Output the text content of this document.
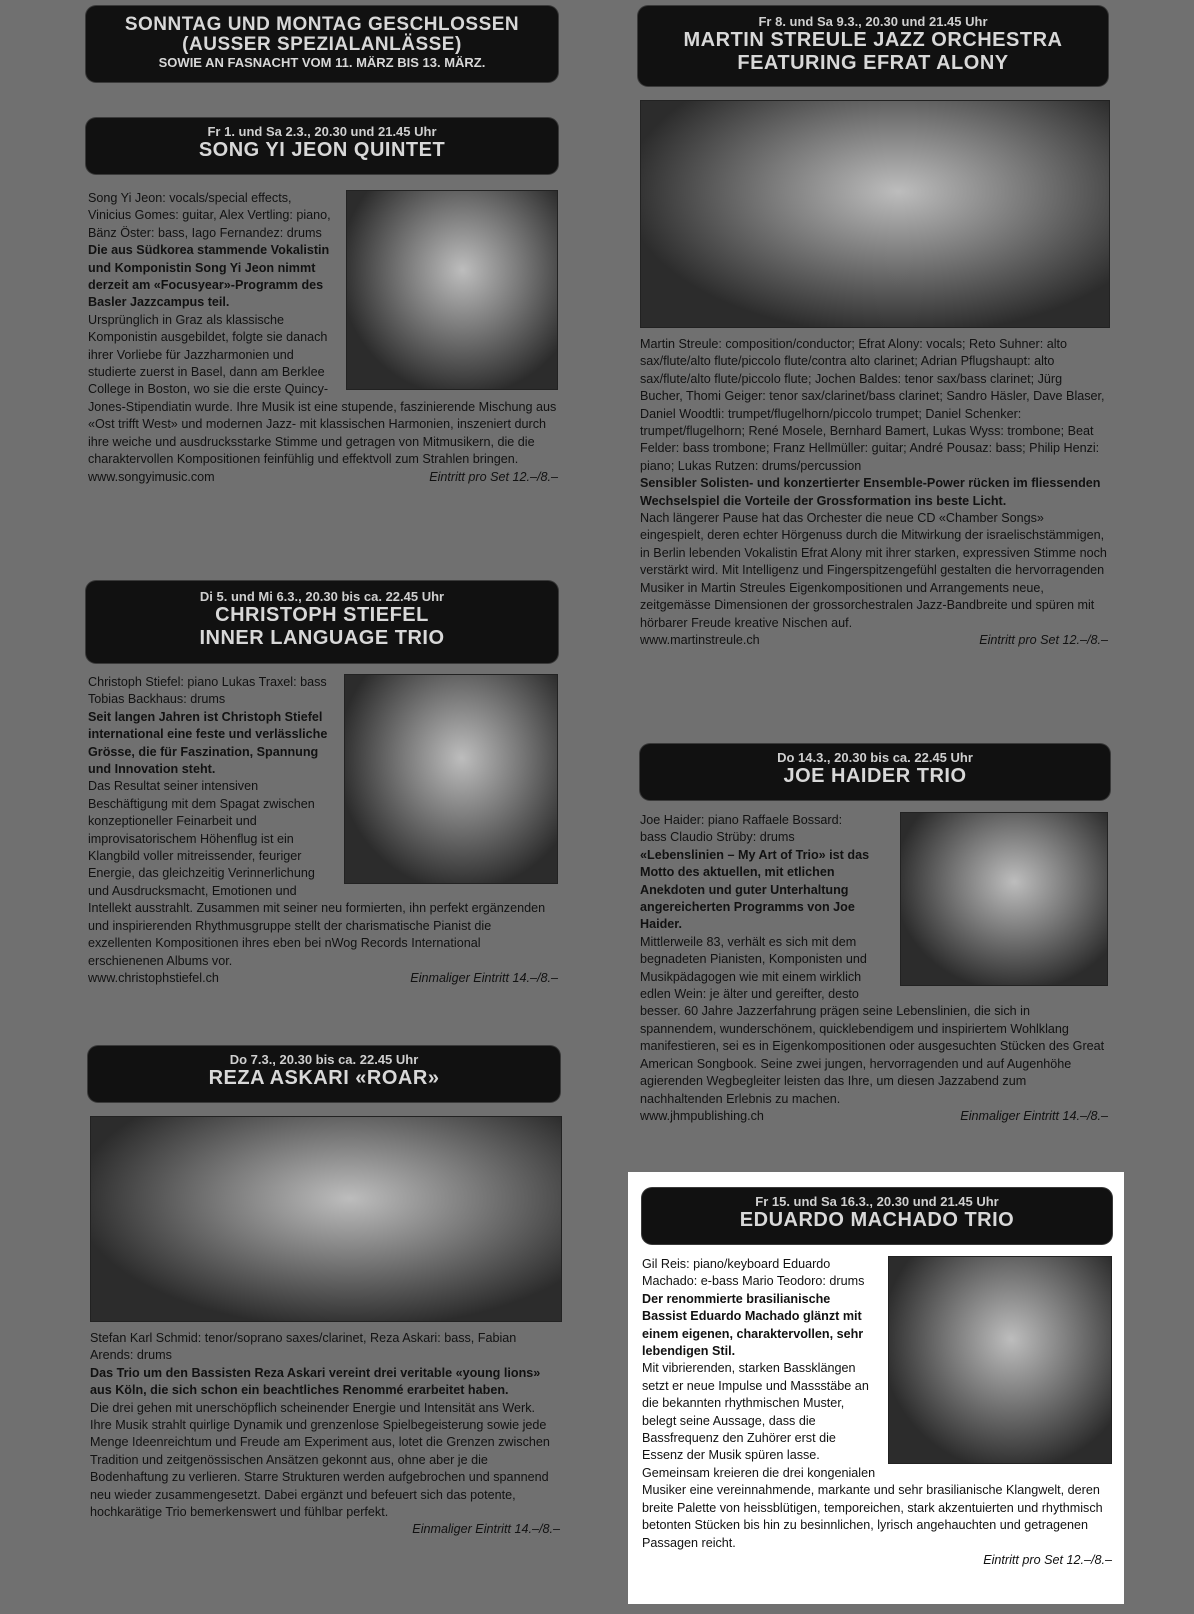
SONNTAG UND MONTAG GESCHLOSSEN
(AUSSER SPEZIALANLÄSSE)
SOWIE AN FASNACHT VOM 11. MÄRZ BIS 13. MÄRZ.
Fr 1. und Sa 2.3., 20.30 und 21.45 Uhr
SONG YI JEON QUINTET

Song Yi Jeon: vocals/special effects, Vinicius Gomes: guitar, Alex Vertling: piano, Bänz Öster: bass, Iago Fernandez: drums

Die aus Südkorea stammende Vokalistin und Komponistin Song Yi Jeon nimmt derzeit am «Focusyear»-Programm des Basler Jazzcampus teil.

Ursprünglich in Graz als klassische Komponistin ausgebildet, folgte sie danach ihrer Vorliebe für Jazzharmonien und studierte zuerst in Basel, dann am Berklee College in Boston, wo sie die erste Quincy-Jones-Stipendiatin wurde. Ihre Musik ist eine stupende, faszinierende Mischung aus «Ost trifft West» und modernen Jazz- mit klassischen Harmonien, inszeniert durch ihre weiche und ausdrucksstarke Stimme und getragen von Mitmusikern, die die charaktervollen Kompositionen feinfühlig und effektvoll zum Strahlen bringen.

www.songyimusic.com	Eintritt pro Set 12.–/8.–
Di 5. und Mi 6.3., 20.30 bis ca. 22.45 Uhr
CHRISTOPH STIEFEL
INNER LANGUAGE TRIO

Christoph Stiefel: piano Lukas Traxel: bass Tobias Backhaus: drums

Seit langen Jahren ist Christoph Stiefel international eine feste und verlässliche Grösse, die für Faszination, Spannung und Innovation steht.

Das Resultat seiner intensiven Beschäftigung mit dem Spagat zwischen konzeptioneller Feinarbeit und improvisatorischem Höhenflug ist ein Klangbild voller mitreissender, feuriger Energie, das gleichzeitig Verinnerlichung und Ausdrucksmacht, Emotionen und Intellekt ausstrahlt. Zusammen mit seiner neu formierten, ihn perfekt ergänzenden und inspirierenden Rhythmusgruppe stellt der charismatische Pianist die exzellenten Kompositionen ihres eben bei nWog Records International erschienenen Albums vor.

www.christophstiefel.ch	Einmaliger Eintritt 14.–/8.–
Do 7.3., 20.30 bis ca. 22.45 Uhr
REZA ASKARI «ROAR»

Stefan Karl Schmid: tenor/soprano saxes/clarinet, Reza Askari: bass, Fabian Arends: drums

Das Trio um den Bassisten Reza Askari vereint drei veritable «young lions» aus Köln, die sich schon ein beachtliches Renommé erarbeitet haben.

Die drei gehen mit unerschöpflich scheinender Energie und Intensität ans Werk. Ihre Musik strahlt quirlige Dynamik und grenzenlose Spielbegeisterung sowie jede Menge Ideenreichtum und Freude am Experiment aus, lotet die Grenzen zwischen Tradition und zeitgenössischen Ansätzen gekonnt aus, ohne aber je die Bodenhaftung zu verlieren. Starre Strukturen werden aufgebrochen und spannend neu wieder zusammengesetzt. Dabei ergänzt und befeuert sich das potente, hochkarätige Trio bemerkenswert und fühlbar perfekt.

Einmaliger Eintritt 14.–/8.–
Fr 8. und Sa 9.3., 20.30 und 21.45 Uhr
MARTIN STREULE JAZZ ORCHESTRA
FEATURING EFRAT ALONY

Martin Streule: composition/conductor; Efrat Alony: vocals; Reto Suhner: alto sax/flute/alto flute/piccolo flute/contra alto clarinet; Adrian Pflugshaupt: alto sax/flute/alto flute/piccolo flute; Jochen Baldes: tenor sax/bass clarinet; Jürg Bucher, Thomi Geiger: tenor sax/clarinet/bass clarinet; Sandro Häsler, Dave Blaser, Daniel Woodtli: trumpet/flugelhorn/piccolo trumpet; Daniel Schenker: trumpet/flugelhorn; René Mosele, Bernhard Bamert, Lukas Wyss: trombone; Beat Felder: bass trombone; Franz Hellmüller: guitar; André Pousaz: bass; Philip Henzi: piano; Lukas Rutzen: drums/percussion

Sensibler Solisten- und konzertierter Ensemble-Power rücken im fliessenden Wechselspiel die Vorteile der Grossformation ins beste Licht.

Nach längerer Pause hat das Orchester die neue CD «Chamber Songs» eingespielt, deren echter Hörgenuss durch die Mitwirkung der israelischstämmigen, in Berlin lebenden Vokalistin Efrat Alony mit ihrer starken, expressiven Stimme noch verstärkt wird. Mit Intelligenz und Fingerspitzengefühl gestalten die hervorragenden Musiker in Martin Streules Eigenkompositionen und Arrangements neue, zeitgemässe Dimensionen der grossorchestralen Jazz-Bandbreite und spüren mit hörbarer Freude kreative Nischen auf.

www.martinstreule.ch	Eintritt pro Set 12.–/8.–
Do 14.3., 20.30 bis ca. 22.45 Uhr
JOE HAIDER TRIO

Joe Haider: piano Raffaele Bossard: bass Claudio Strüby: drums

«Lebenslinien – My Art of Trio» ist das Motto des aktuellen, mit etlichen Anekdoten und guter Unterhaltung angereicherten Programms von Joe Haider.

Mittlerweile 83, verhält es sich mit dem begnadeten Pianisten, Komponisten und Musikpädagogen wie mit einem wirklich edlen Wein: je älter und gereifter, desto besser. 60 Jahre Jazzerfahrung prägen seine Lebenslinien, die sich in spannendem, wunderschönem, quicklebendigem und inspiriertem Wohlklang manifestieren, sei es in Eigenkompositionen oder ausgesuchten Stücken des Great American Songbook. Seine zwei jungen, hervorragenden und auf Augenhöhe agierenden Wegbegleiter leisten das Ihre, um diesen Jazzabend zum nachhaltenden Erlebnis zu machen.

www.jhmpublishing.ch	Einmaliger Eintritt 14.–/8.–
Fr 15. und Sa 16.3., 20.30 und 21.45 Uhr
EDUARDO MACHADO TRIO

Gil Reis: piano/keyboard Eduardo Machado: e-bass Mario Teodoro: drums

Der renommierte brasilianische Bassist Eduardo Machado glänzt mit einem eigenen, charaktervollen, sehr lebendigen Stil.

Mit vibrierenden, starken Bassklängen setzt er neue Impulse und Massstäbe an die bekannten rhythmischen Muster, belegt seine Aussage, dass die Bassfrequenz den Zuhörer erst die Essenz der Musik spüren lasse. Gemeinsam kreieren die drei kongenialen Musiker eine vereinnahmende, markante und sehr brasilianische Klangwelt, deren breite Palette von heissblütigen, temporeichen, stark akzentuierten und rhythmisch betonten Stücken bis hin zu besinnlichen, lyrisch angehauchten und getragenen Passagen reicht.

Eintritt pro Set 12.–/8.–
